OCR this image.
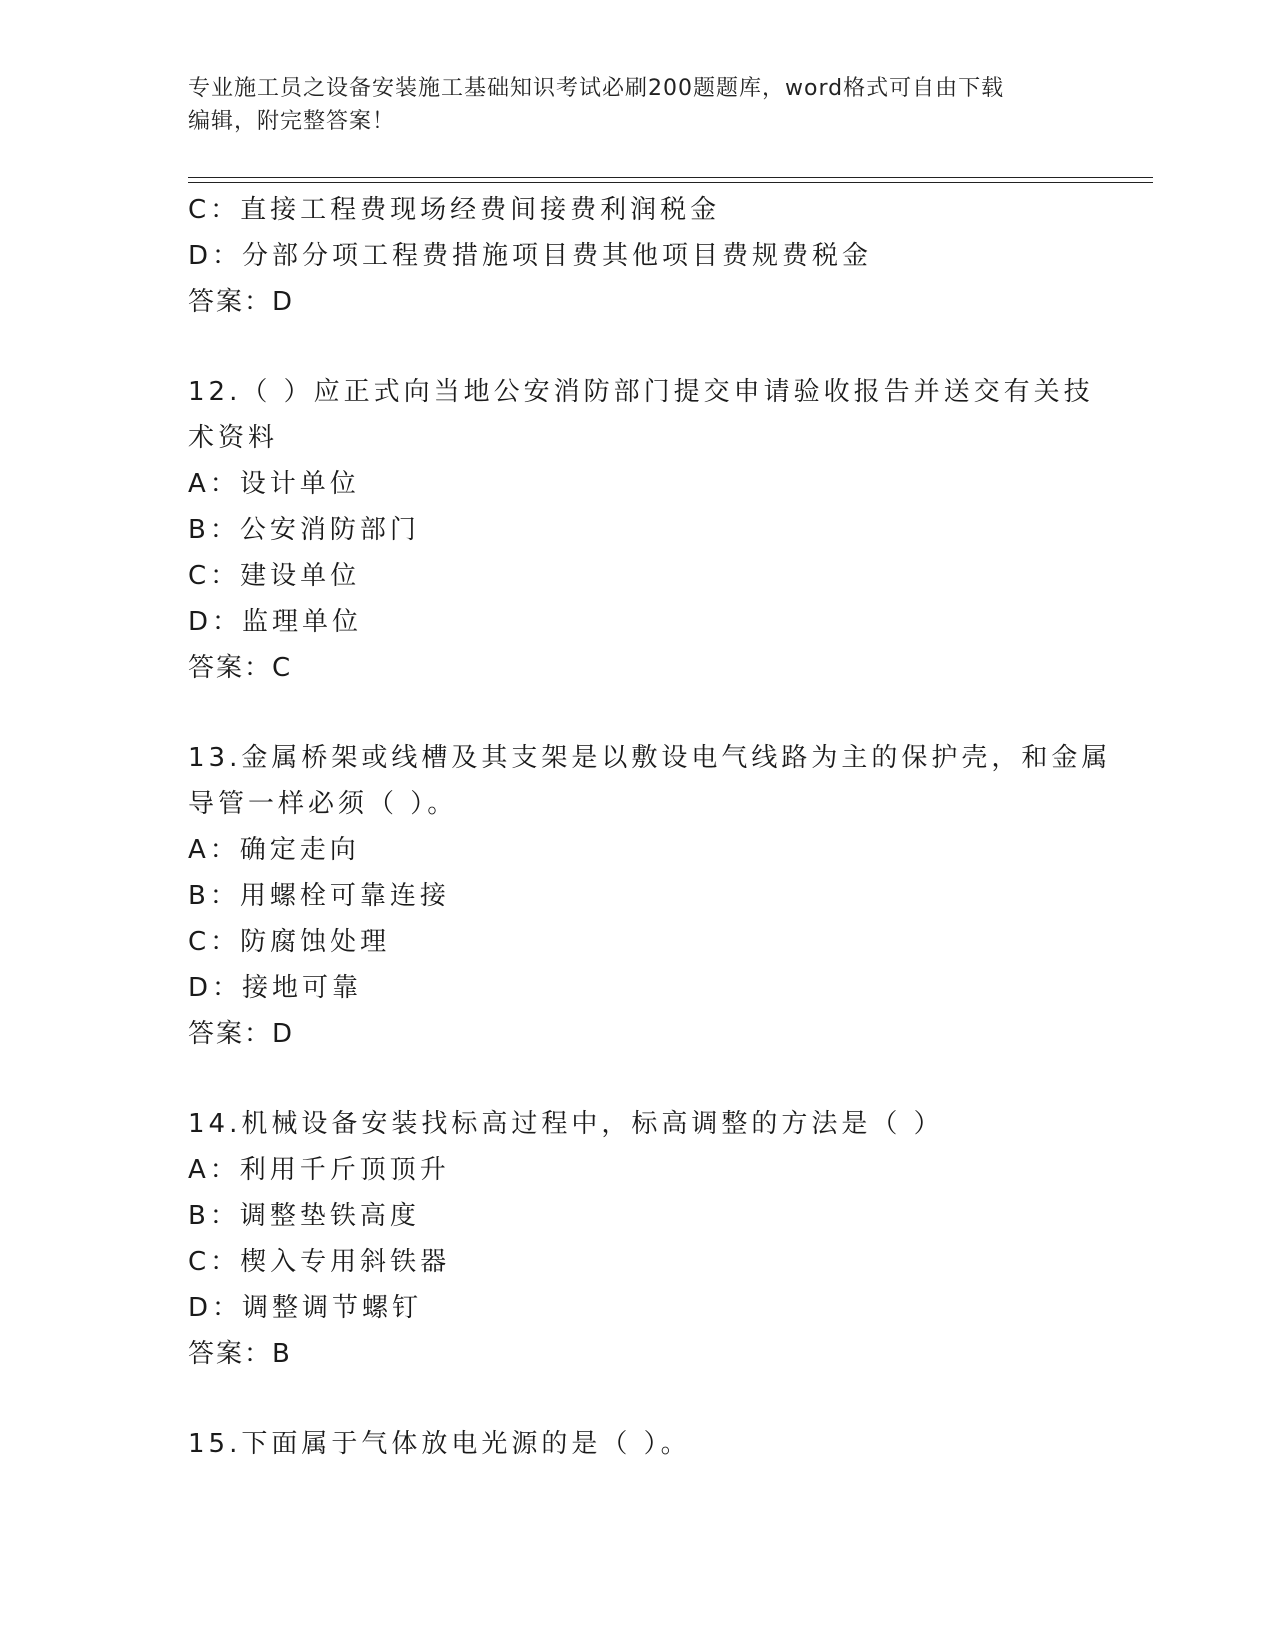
专业施工员之设备安装施工基础知识考试必刷200题题库，word格式可自由下载
编辑，附完整答案！
C：直接工程费现场经费间接费利润税金
D：分部分项工程费措施项目费其他项目费规费税金
答案：D
12.（ ）应正式向当地公安消防部门提交申请验收报告并送交有关技
术资料
A：设计单位
B：公安消防部门
C：建设单位
D：监理单位
答案：C
13.金属桥架或线槽及其支架是以敷设电气线路为主的保护壳，和金属
导管一样必须（ ）。
A：确定走向
B：用螺栓可靠连接
C：防腐蚀处理
D：接地可靠
答案：D
14.机械设备安装找标高过程中，标高调整的方法是（ ）
A：利用千斤顶顶升
B：调整垫铁高度
C：楔入专用斜铁器
D：调整调节螺钉
答案：B
15.下面属于气体放电光源的是（ ）。
